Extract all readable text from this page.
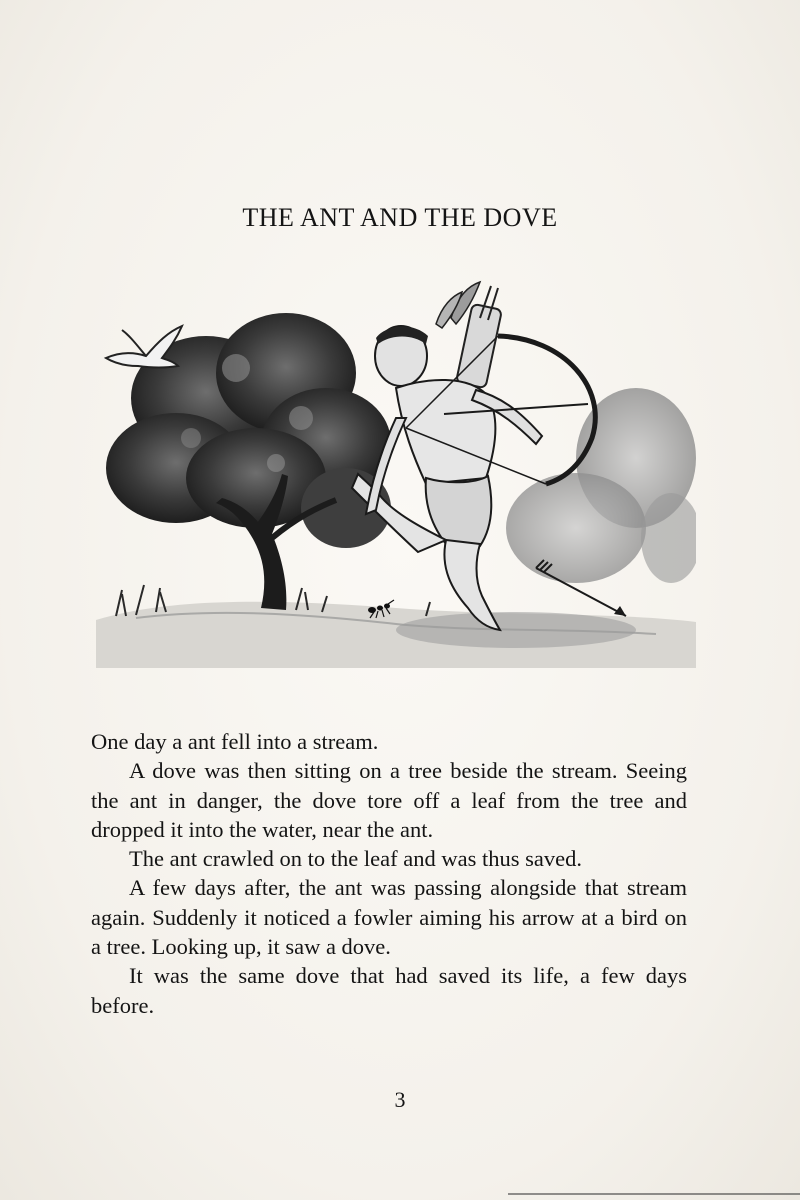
THE ANT AND THE DOVE

One day a ant fell into a stream.

A dove was then sitting on a tree beside the stream. Seeing the ant in danger, the dove tore off a leaf from the tree and dropped it into the water, near the ant.

The ant crawled on to the leaf and was thus saved.

A few days after, the ant was passing alongside that stream again. Suddenly it noticed a fowler aiming his arrow at a bird on a tree. Looking up, it saw a dove.

It was the same dove that had saved its life, a few days before.

3
